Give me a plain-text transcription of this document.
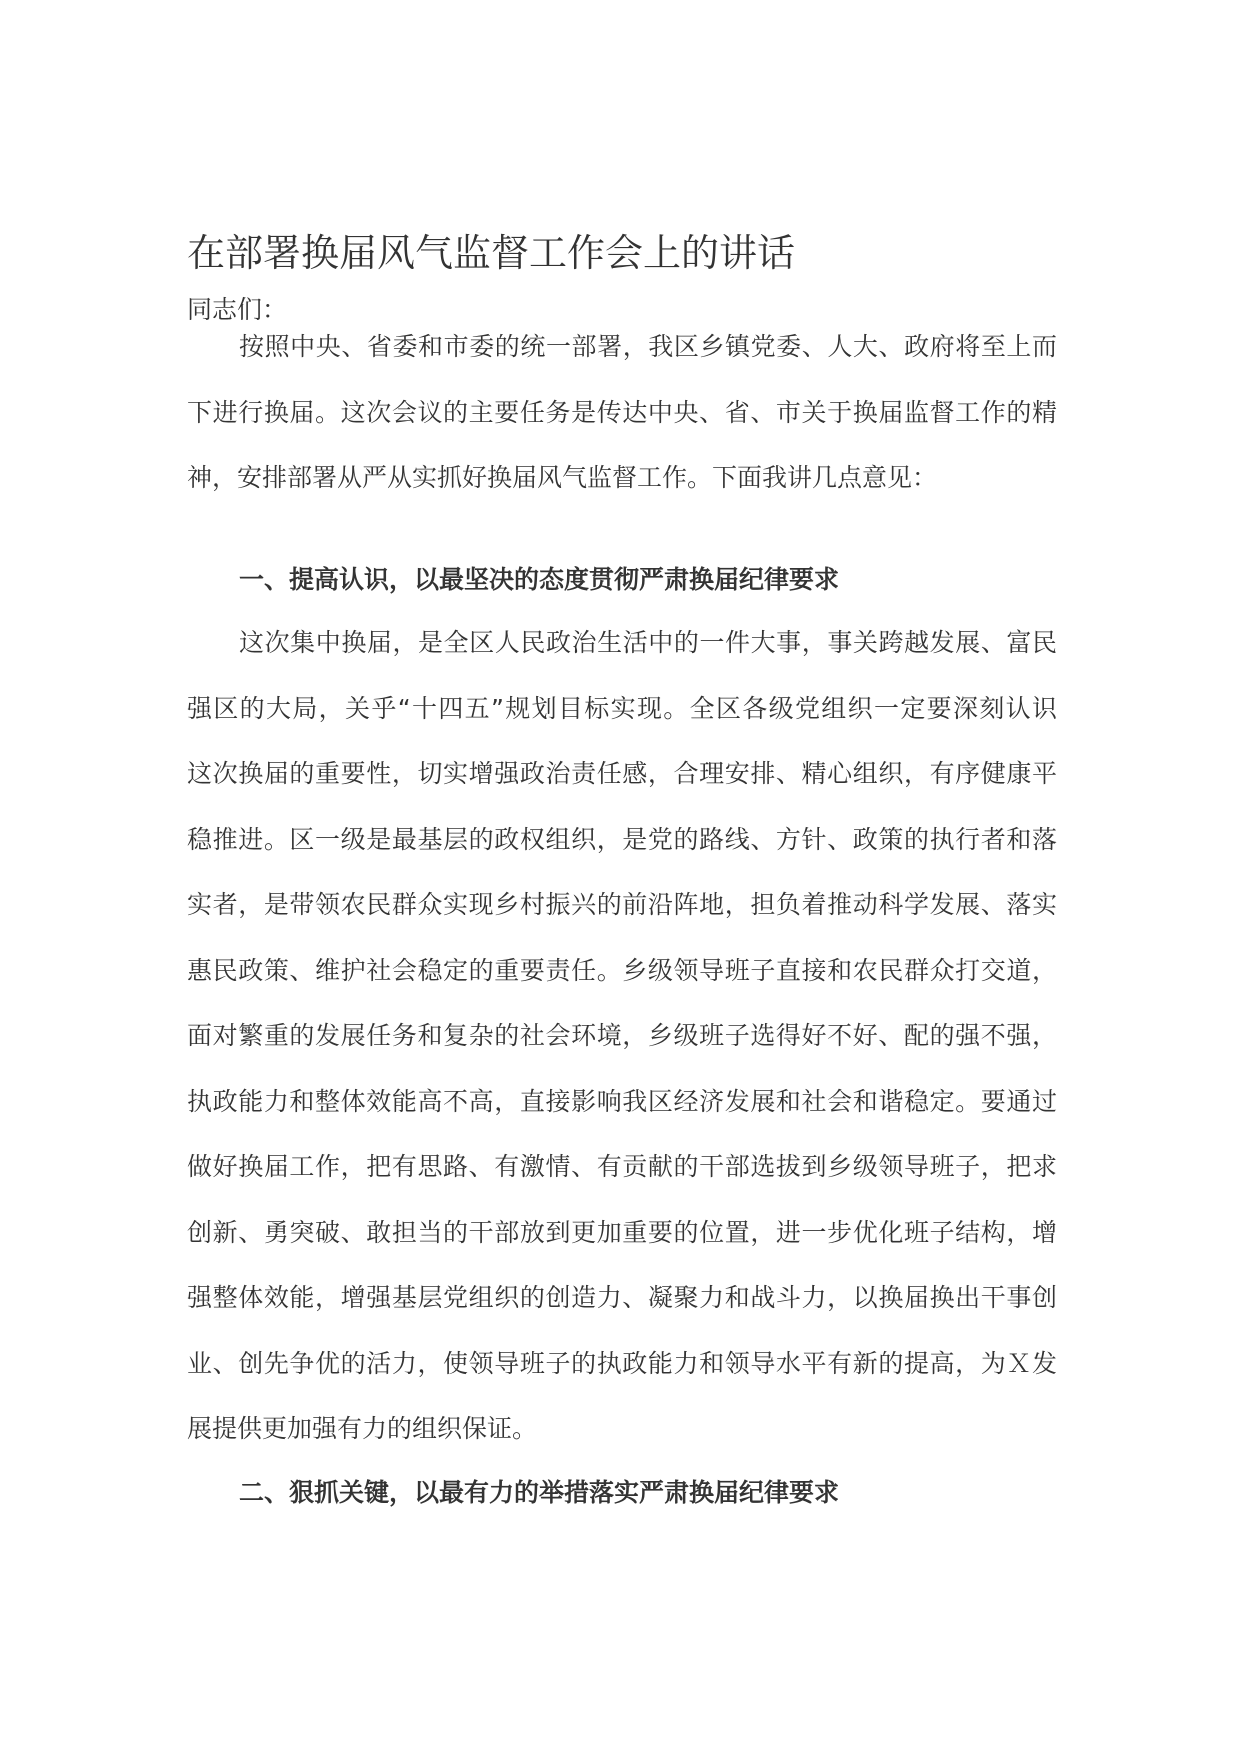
在部署换届风气监督工作会上的讲话
同志们：
按照中央、省委和市委的统一部署，我区乡镇党委、人大、政府将至上而
下进行换届。这次会议的主要任务是传达中央、省、市关于换届监督工作的精
神，安排部署从严从实抓好换届风气监督工作。下面我讲几点意见：
一、提高认识，以最坚决的态度贯彻严肃换届纪律要求
这次集中换届，是全区人民政治生活中的一件大事，事关跨越发展、富民
强区的大局，关乎“十四五”规划目标实现。全区各级党组织一定要深刻认识
这次换届的重要性，切实增强政治责任感，合理安排、精心组织，有序健康平
稳推进。区一级是最基层的政权组织，是党的路线、方针、政策的执行者和落
实者，是带领农民群众实现乡村振兴的前沿阵地，担负着推动科学发展、落实
惠民政策、维护社会稳定的重要责任。乡级领导班子直接和农民群众打交道，
面对繁重的发展任务和复杂的社会环境，乡级班子选得好不好、配的强不强，
执政能力和整体效能高不高，直接影响我区经济发展和社会和谐稳定。要通过
做好换届工作，把有思路、有激情、有贡献的干部选拔到乡级领导班子，把求
创新、勇突破、敢担当的干部放到更加重要的位置，进一步优化班子结构，增
强整体效能，增强基层党组织的创造力、凝聚力和战斗力，以换届换出干事创
业、创先争优的活力，使领导班子的执政能力和领导水平有新的提高，为Ｘ发
展提供更加强有力的组织保证。
二、狠抓关键，以最有力的举措落实严肃换届纪律要求
